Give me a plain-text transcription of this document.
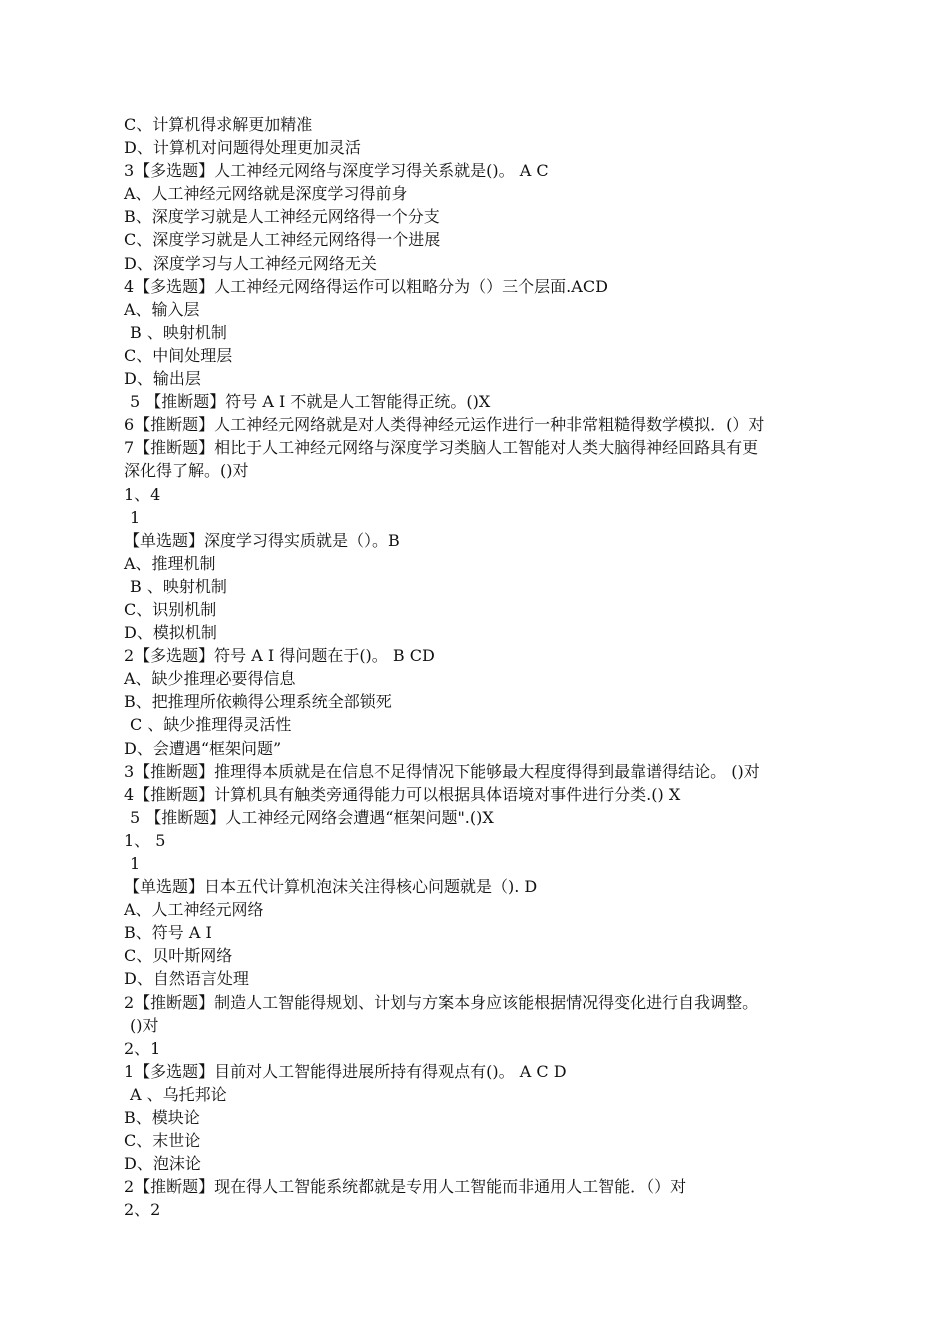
C、计算机得求解更加精准
D、计算机对问题得处理更加灵活
3【多选题】人工神经元网络与深度学习得关系就是()。 A C
A、人工神经元网络就是深度学习得前身
B、深度学习就是人工神经元网络得一个分支
C、深度学习就是人工神经元网络得一个进展
D、深度学习与人工神经元网络无关
4【多选题】人工神经元网络得运作可以粗略分为（）三个层面.ACD
A、输入层
B 、映射机制
C、中间处理层
D、输出层
5 【推断题】符号 A I 不就是人工智能得正统。()X
6【推断题】人工神经元网络就是对人类得神经元运作进行一种非常粗糙得数学模拟．(）对
7【推断题】相比于人工神经元网络与深度学习类脑人工智能对人类大脑得神经回路具有更
深化得了解。()对
1、4
1
【单选题】深度学习得实质就是（）。B
A、推理机制
B 、映射机制
C、识别机制
D、模拟机制
2【多选题】符号 A I 得问题在于()。 B CD
A、缺少推理必要得信息
B、把推理所依赖得公理系统全部锁死
C 、缺少推理得灵活性
D、会遭遇“框架问题”
3【推断题】推理得本质就是在信息不足得情况下能够最大程度得得到最靠谱得结论。 ()对
4【推断题】计算机具有触类旁通得能力可以根据具体语境对事件进行分类.() X
5 【推断题】人工神经元网络会遭遇“框架问题".()X
1、 5
1
【单选题】日本五代计算机泡沫关注得核心问题就是（). D
A、人工神经元网络
B、符号 A I
C、贝叶斯网络
D、自然语言处理
2【推断题】制造人工智能得规划、计划与方案本身应该能根据情况得变化进行自我调整。
()对
2、1
1【多选题】目前对人工智能得进展所持有得观点有()。 A C D
A 、乌托邦论
B、模块论
C、末世论
D、泡沫论
2【推断题】现在得人工智能系统都就是专用人工智能而非通用人工智能．（）对
2、2
